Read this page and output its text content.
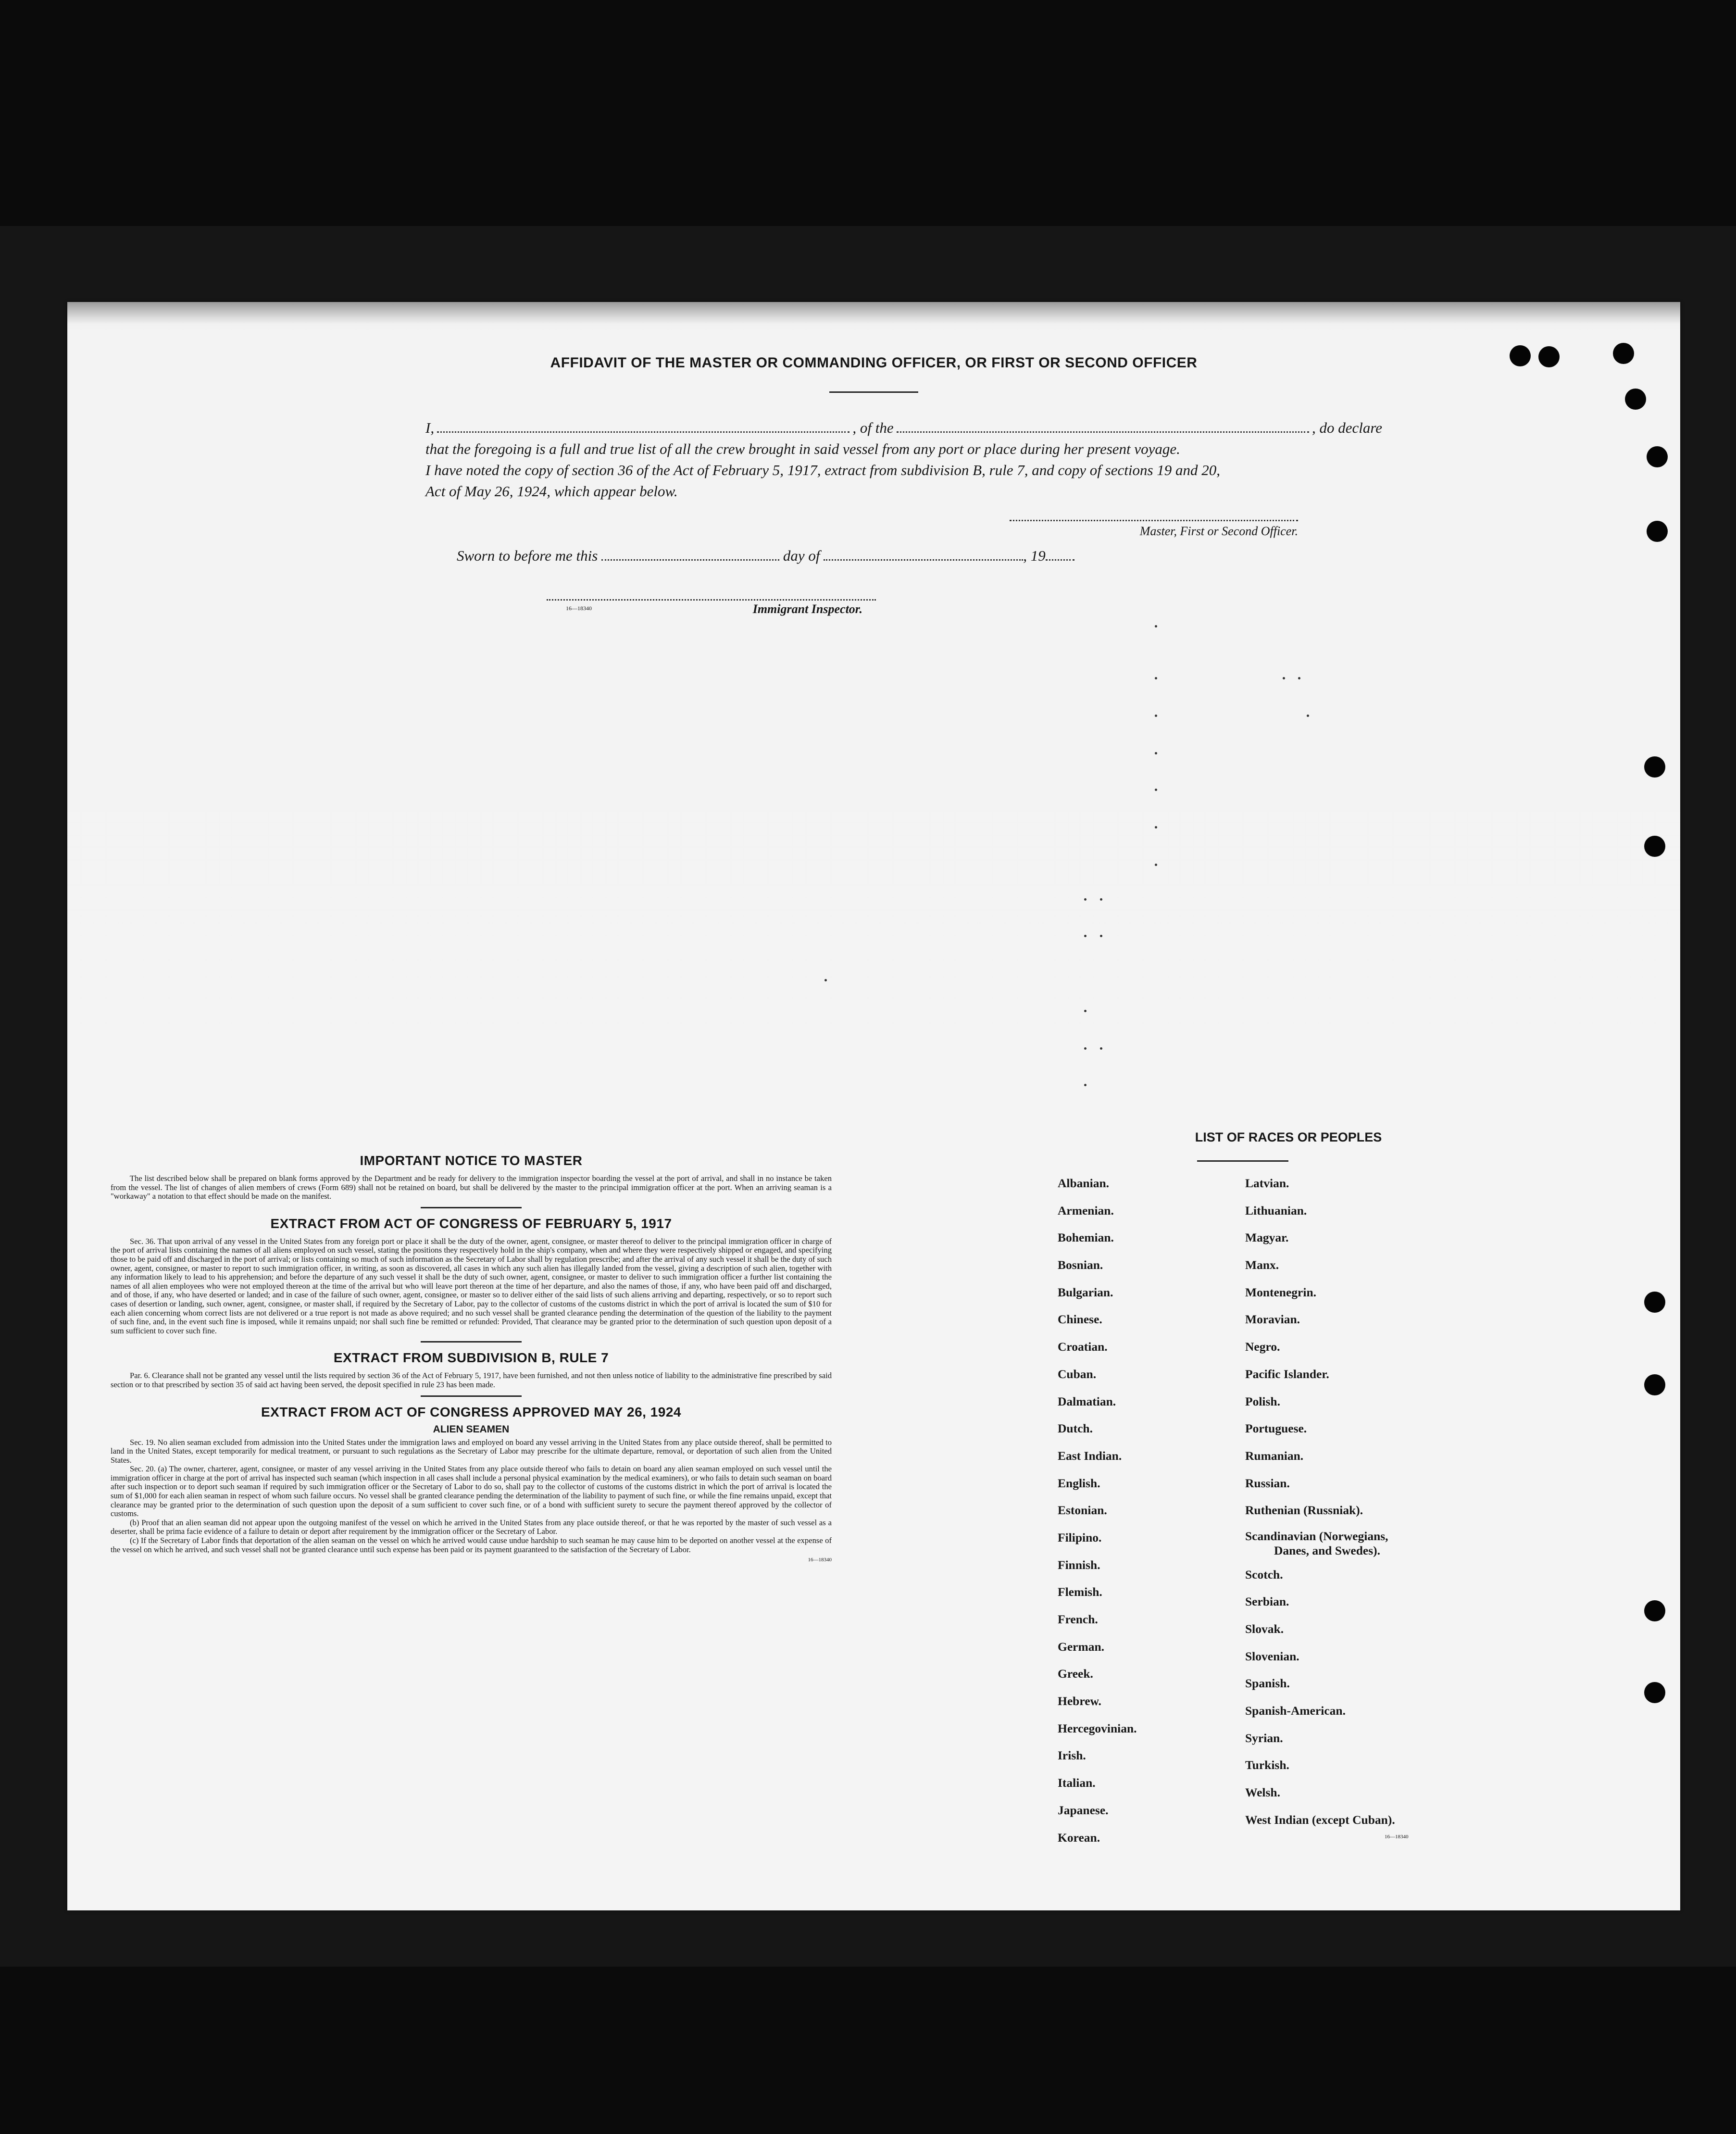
AFFIDAVIT OF THE MASTER OR COMMANDING OFFICER, OR FIRST OR SECOND OFFICER
I,	, of the	, do declare
that the foregoing is a full and true list of all the crew brought in said vessel from any port or place during her present voyage.
I have noted the copy of section 36 of the Act of February 5, 1917, extract from subdivision B, rule 7, and copy of sections 19 and 20,
Act of May 26, 1924, which appear below.
Master, First or Second Officer.
Sworn to before me this	day of	, 19
16—18340	Immigrant Inspector.
IMPORTANT NOTICE TO MASTER

The list described below shall be prepared on blank forms approved by the Department and be ready for delivery to the immigration inspector boarding the vessel at the port of arrival, and shall in no instance be taken from the vessel. The list of changes of alien members of crews (Form 689) shall not be retained on board, but shall be delivered by the master to the principal immigration officer at the port. When an arriving seaman is a "workaway" a notation to that effect should be made on the manifest.

EXTRACT FROM ACT OF CONGRESS OF FEBRUARY 5, 1917

Sec. 36. That upon arrival of any vessel in the United States from any foreign port or place it shall be the duty of the owner, agent, consignee, or master thereof to deliver to the principal immigration officer in charge of the port of arrival lists containing the names of all aliens employed on such vessel, stating the positions they respectively hold in the ship's company, when and where they were respectively shipped or engaged, and specifying those to be paid off and discharged in the port of arrival; or lists containing so much of such information as the Secretary of Labor shall by regulation prescribe; and after the arrival of any such vessel it shall be the duty of such owner, agent, consignee, or master to report to such immigration officer, in writing, as soon as discovered, all cases in which any such alien has illegally landed from the vessel, giving a description of such alien, together with any information likely to lead to his apprehension; and before the departure of any such vessel it shall be the duty of such owner, agent, consignee, or master to deliver to such immigration officer a further list containing the names of all alien employees who were not employed thereon at the time of the arrival but who will leave port thereon at the time of her departure, and also the names of those, if any, who have been paid off and discharged, and of those, if any, who have deserted or landed; and in case of the failure of such owner, agent, consignee, or master so to deliver either of the said lists of such aliens arriving and departing, respectively, or so to report such cases of desertion or landing, such owner, agent, consignee, or master shall, if required by the Secretary of Labor, pay to the collector of customs of the customs district in which the port of arrival is located the sum of $10 for each alien concerning whom correct lists are not delivered or a true report is not made as above required; and no such vessel shall be granted clearance pending the determination of the question of the liability to the payment of such fine, and, in the event such fine is imposed, while it remains unpaid; nor shall such fine be remitted or refunded: Provided, That clearance may be granted prior to the determination of such question upon deposit of a sum sufficient to cover such fine.

EXTRACT FROM SUBDIVISION B, RULE 7

Par. 6. Clearance shall not be granted any vessel until the lists required by section 36 of the Act of February 5, 1917, have been furnished, and not then unless notice of liability to the administrative fine prescribed by said section or to that prescribed by section 35 of said act having been served, the deposit specified in rule 23 has been made.

EXTRACT FROM ACT OF CONGRESS APPROVED MAY 26, 1924
ALIEN SEAMEN

Sec. 19. No alien seaman excluded from admission into the United States under the immigration laws and employed on board any vessel arriving in the United States from any place outside thereof, shall be permitted to land in the United States, except temporarily for medical treatment, or pursuant to such regulations as the Secretary of Labor may prescribe for the ultimate departure, removal, or deportation of such alien from the United States.

Sec. 20. (a) The owner, charterer, agent, consignee, or master of any vessel arriving in the United States from any place outside thereof who fails to detain on board any alien seaman employed on such vessel until the immigration officer in charge at the port of arrival has inspected such seaman (which inspection in all cases shall include a personal physical examination by the medical examiners), or who fails to detain such seaman on board after such inspection or to deport such seaman if required by such immigration officer or the Secretary of Labor to do so, shall pay to the collector of customs of the customs district in which the port of arrival is located the sum of $1,000 for each alien seaman in respect of whom such failure occurs. No vessel shall be granted clearance pending the determination of the liability to payment of such fine, or while the fine remains unpaid, except that clearance may be granted prior to the determination of such question upon the deposit of a sum sufficient to cover such fine, or of a bond with sufficient surety to secure the payment thereof approved by the collector of customs.

(b) Proof that an alien seaman did not appear upon the outgoing manifest of the vessel on which he arrived in the United States from any place outside thereof, or that he was reported by the master of such vessel as a deserter, shall be prima facie evidence of a failure to detain or deport after requirement by the immigration officer or the Secretary of Labor.

(c) If the Secretary of Labor finds that deportation of the alien seaman on the vessel on which he arrived would cause undue hardship to such seaman he may cause him to be deported on another vessel at the expense of the vessel on which he arrived, and such vessel shall not be granted clearance until such expense has been paid or its payment guaranteed to the satisfaction of the Secretary of Labor.

16—18340
LIST OF RACES OR PEOPLES
Albanian.
Armenian.
Bohemian.
Bosnian.
Bulgarian.
Chinese.
Croatian.
Cuban.
Dalmatian.
Dutch.
East Indian.
English.
Estonian.
Filipino.
Finnish.
Flemish.
French.
German.
Greek.
Hebrew.
Hercegovinian.
Irish.
Italian.
Japanese.
Korean.
Latvian.
Lithuanian.
Magyar.
Manx.
Montenegrin.
Moravian.
Negro.
Pacific Islander.
Polish.
Portuguese.
Rumanian.
Russian.
Ruthenian (Russniak).
Scandinavian (Norwegians,
Danes, and Swedes).
Scotch.
Serbian.
Slovak.
Slovenian.
Spanish.
Spanish-American.
Syrian.
Turkish.
Welsh.
West Indian (except Cuban).
16—18340
